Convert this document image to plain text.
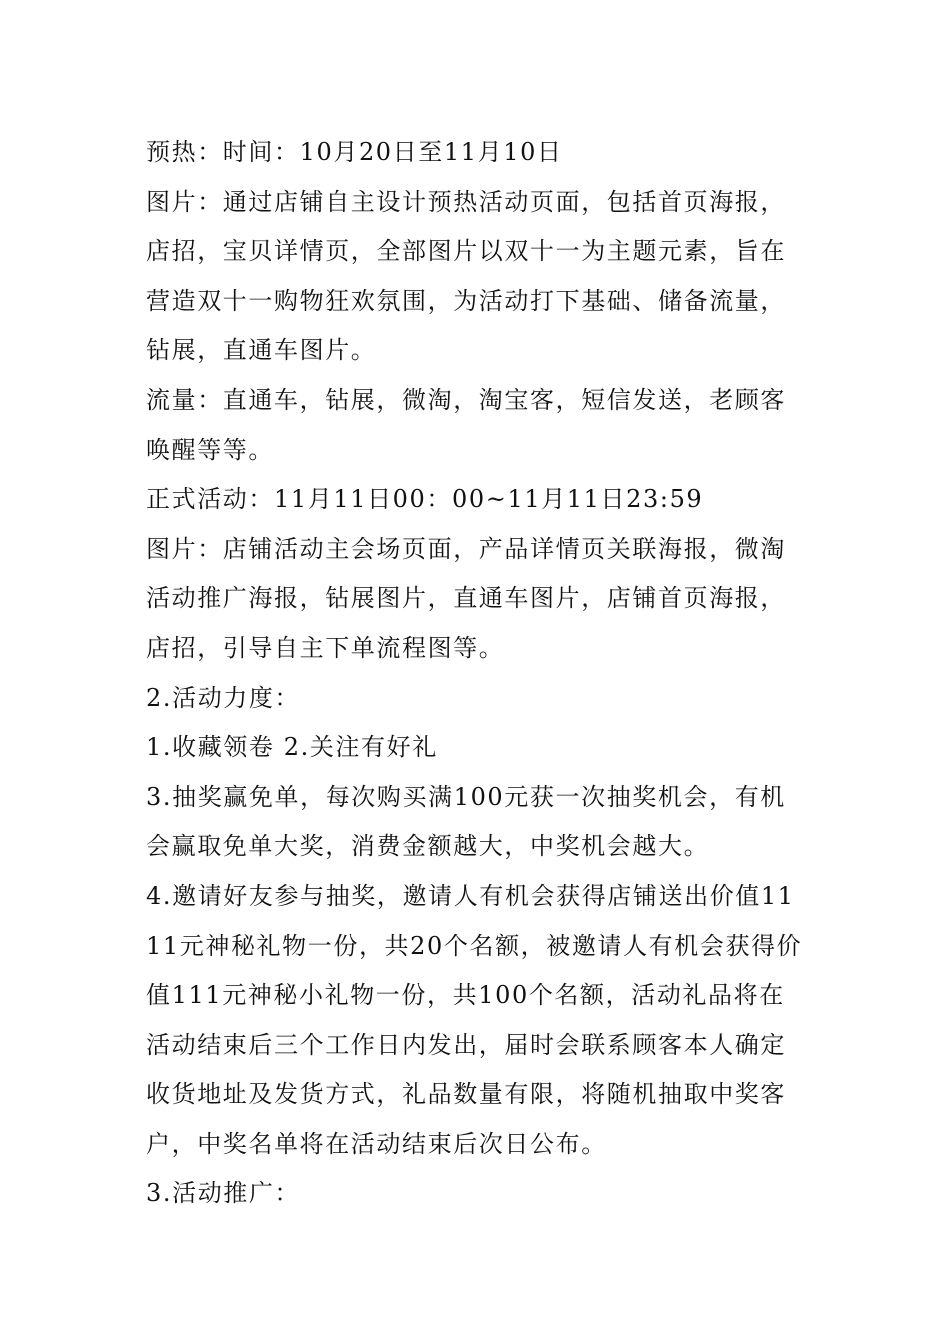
预热：时间：10月20日至11月10日

图片：通过店铺自主设计预热活动页面，包括首页海报，店招，宝贝详情页，全部图片以双十一为主题元素，旨在营造双十一购物狂欢氛围，为活动打下基础、储备流量，钻展，直通车图片。

流量：直通车，钻展，微淘，淘宝客，短信发送，老顾客唤醒等等。

正式活动：11月11日00：00~11月11日23:59

图片：店铺活动主会场页面，产品详情页关联海报，微淘活动推广海报，钻展图片，直通车图片，店铺首页海报，店招，引导自主下单流程图等。

2.活动力度：

1.收藏领卷 2.关注有好礼

3.抽奖赢免单，每次购买满100元获一次抽奖机会，有机会赢取免单大奖，消费金额越大，中奖机会越大。

4.邀请好友参与抽奖，邀请人有机会获得店铺送出价值1111元神秘礼物一份，共20个名额，被邀请人有机会获得价值111元神秘小礼物一份，共100个名额，活动礼品将在活动结束后三个工作日内发出，届时会联系顾客本人确定收货地址及发货方式，礼品数量有限，将随机抽取中奖客户，中奖名单将在活动结束后次日公布。

3.活动推广：
